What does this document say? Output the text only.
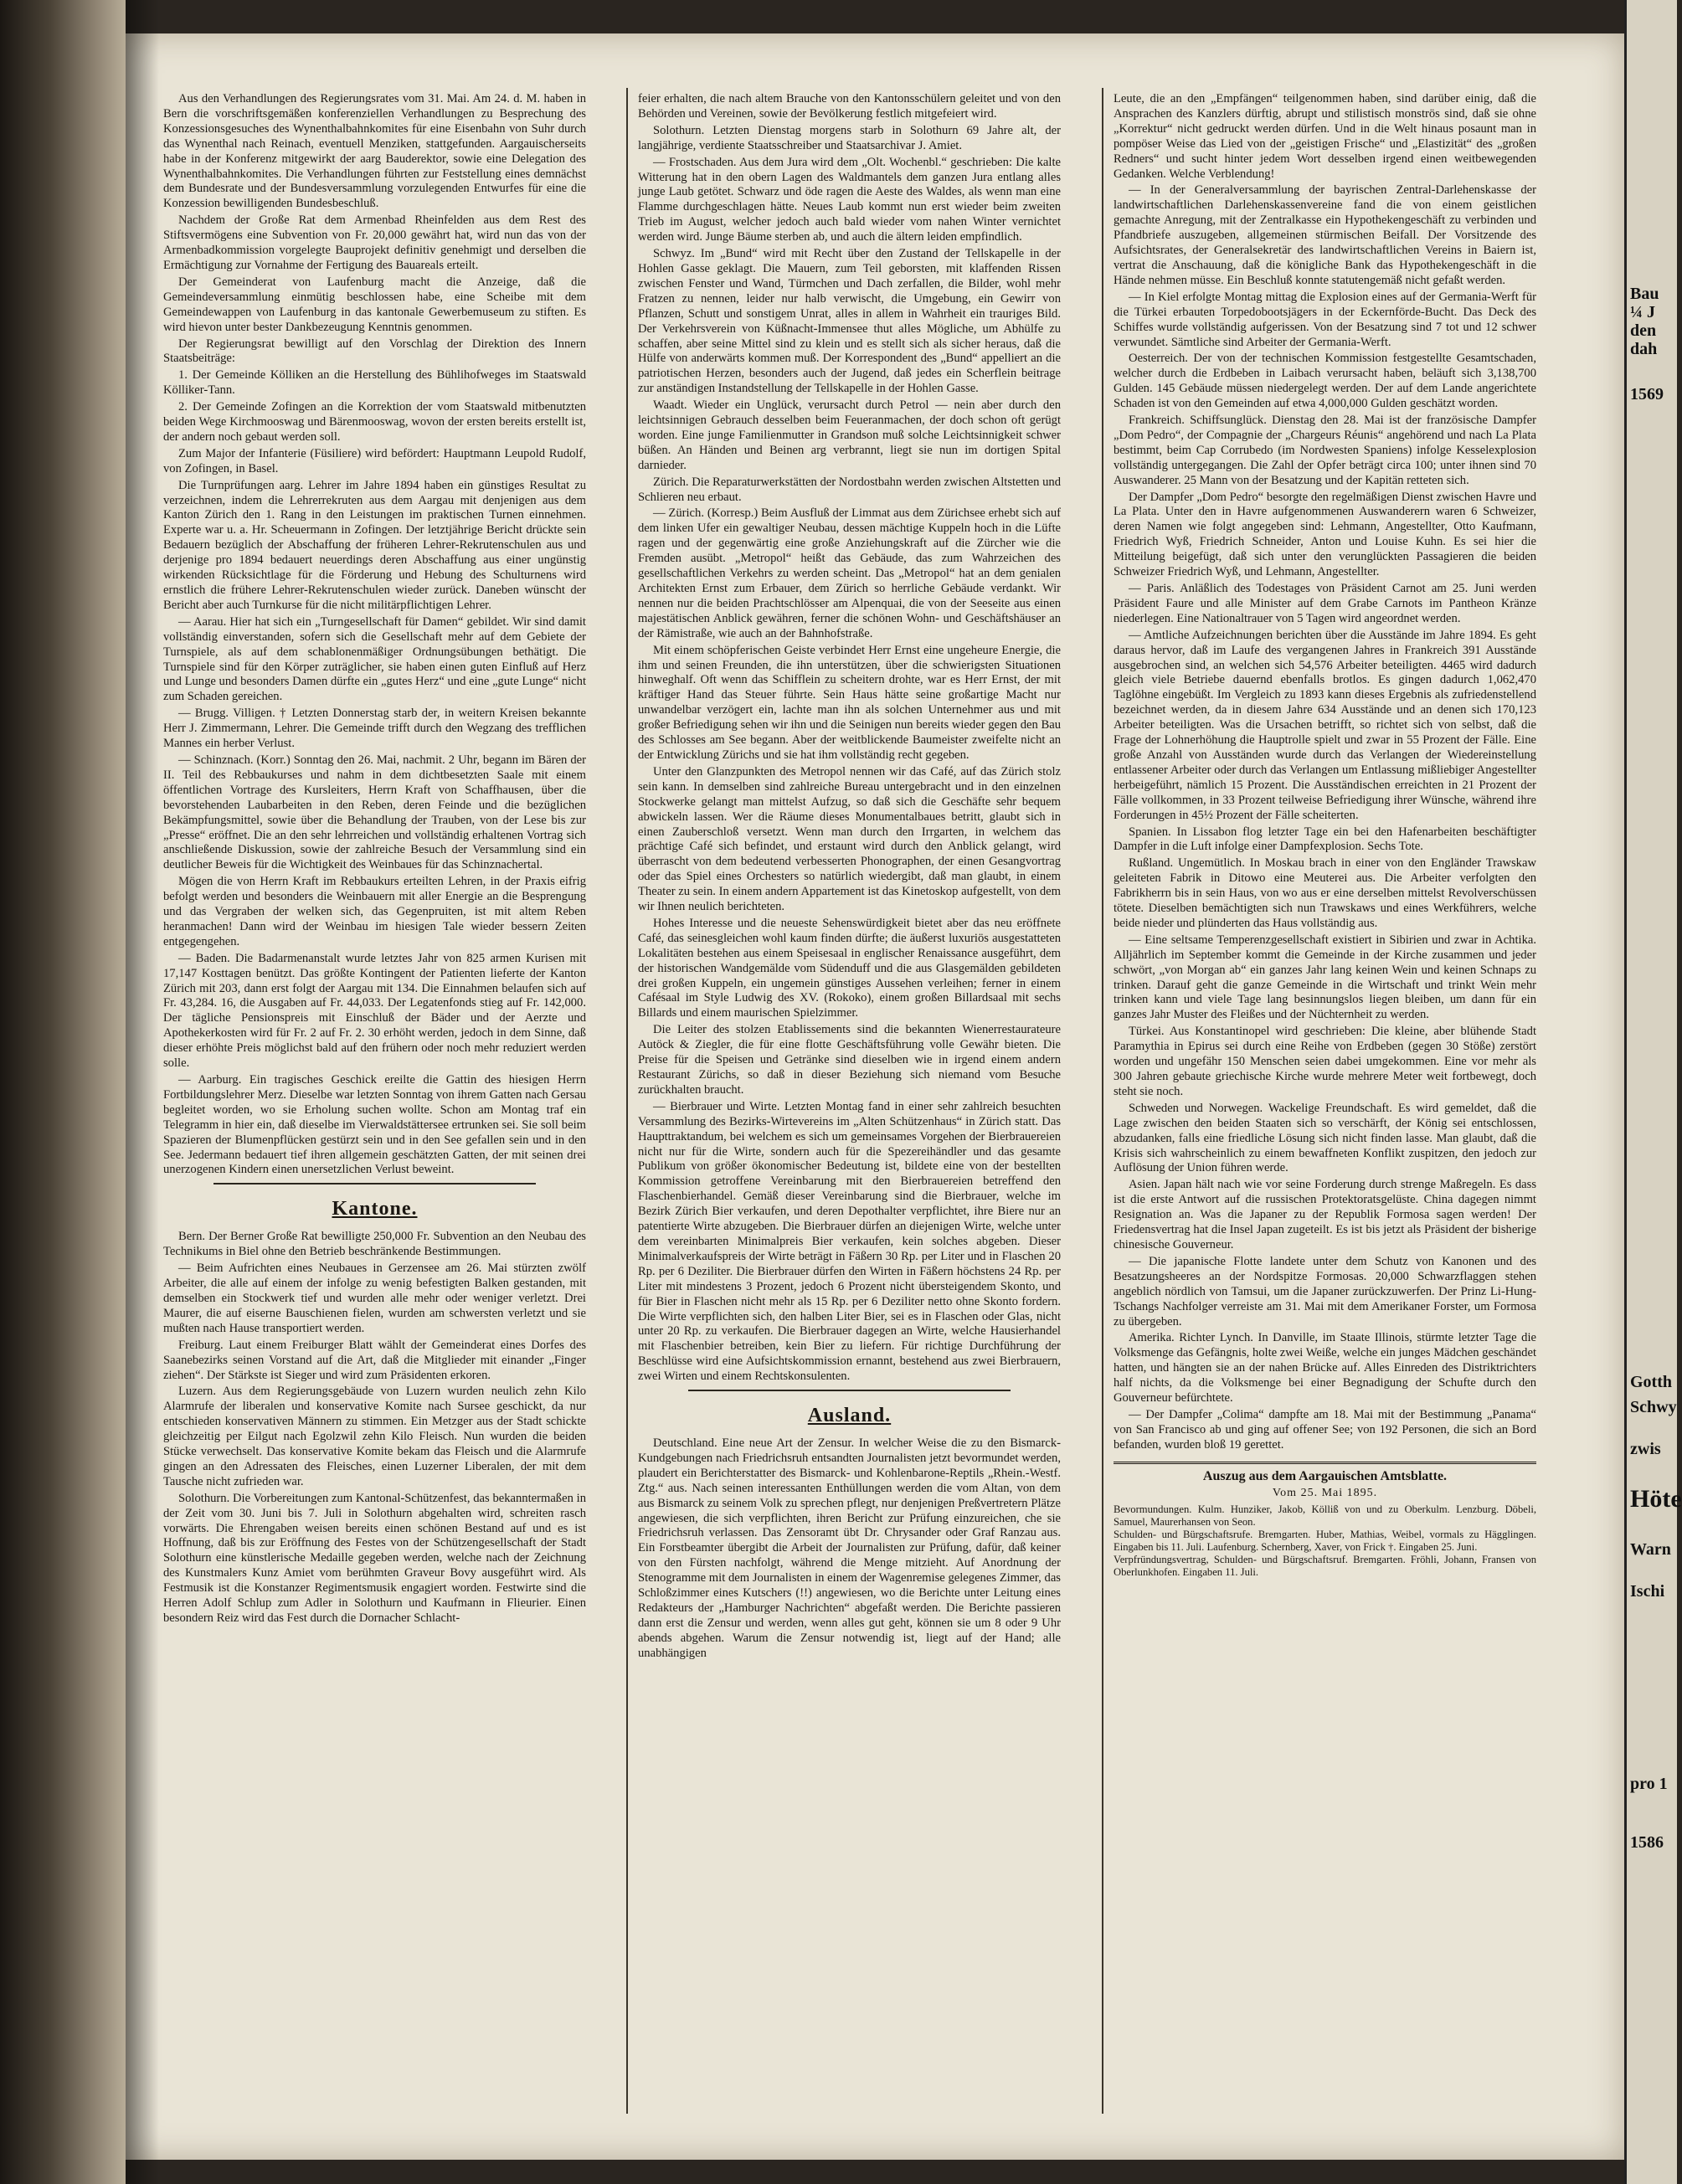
Aus den Verhandlungen des Regierungsrates vom 31. Mai. Am 24. d. M. haben in Bern die vorschriftsgemäßen konferenziellen Verhandlungen zu Besprechung des Konzessionsgesuches des Wynenthalbahnkomites für eine Eisenbahn von Suhr durch das Wynenthal nach Reinach, eventuell Menziken, stattgefunden. Aargauischerseits habe in der Konferenz mitgewirkt der aarg Bauderektor, sowie eine Delegation des Wynenthalbahnkomites. Die Verhandlungen führten zur Feststellung eines demnächst dem Bundesrate und der Bundesversammlung vorzulegenden Entwurfes für eine die Konzession bewilligenden Bundesbeschluß.

Nachdem der Große Rat dem Armenbad Rheinfelden aus dem Rest des Stiftsvermögens eine Subvention von Fr. 20,000 gewährt hat, wird nun das von der Armenbadkommission vorgelegte Bauprojekt definitiv genehmigt und derselben die Ermächtigung zur Vornahme der Fertigung des Bauareals erteilt.

Der Gemeinderat von Laufenburg macht die Anzeige, daß die Gemeindeversammlung einmütig beschlossen habe, eine Scheibe mit dem Gemeindewappen von Laufenburg in das kantonale Gewerbemuseum zu stiften. Es wird hievon unter bester Dankbezeugung Kenntnis genommen.

Der Regierungsrat bewilligt auf den Vorschlag der Direktion des Innern Staatsbeiträge:

1. Der Gemeinde Kölliken an die Herstellung des Bühlihofweges im Staatswald Kölliker-Tann.

2. Der Gemeinde Zofingen an die Korrektion der vom Staatswald mitbenutzten beiden Wege Kirchmooswag und Bärenmooswag, wovon der ersten bereits erstellt ist, der andern noch gebaut werden soll.

Zum Major der Infanterie (Füsiliere) wird befördert: Hauptmann Leupold Rudolf, von Zofingen, in Basel.

Die Turnprüfungen aarg. Lehrer im Jahre 1894 haben ein günstiges Resultat zu verzeichnen, indem die Lehrerrekruten aus dem Aargau mit denjenigen aus dem Kanton Zürich den 1. Rang in den Leistungen im praktischen Turnen einnehmen. Experte war u. a. Hr. Scheuermann in Zofingen. Der letztjährige Bericht drückte sein Bedauern bezüglich der Abschaffung der früheren Lehrer-Rekrutenschulen aus und derjenige pro 1894 bedauert neuerdings deren Abschaffung aus einer ungünstig wirkenden Rücksichtlage für die Förderung und Hebung des Schulturnens wird ernstlich die frühere Lehrer-Rekrutenschulen wieder zurück. Daneben wünscht der Bericht aber auch Turnkurse für die nicht militärpflichtigen Lehrer.

— Aarau. Hier hat sich ein „Turngesellschaft für Damen“ gebildet. Wir sind damit vollständig einverstanden, sofern sich die Gesellschaft mehr auf dem Gebiete der Turnspiele, als auf dem schablonenmäßiger Ordnungsübungen bethätigt. Die Turnspiele sind für den Körper zuträglicher, sie haben einen guten Einfluß auf Herz und Lunge und besonders Damen dürfte ein „gutes Herz“ und eine „gute Lunge“ nicht zum Schaden gereichen.

— Brugg. Villigen. † Letzten Donnerstag starb der, in weitern Kreisen bekannte Herr J. Zimmermann, Lehrer. Die Gemeinde trifft durch den Wegzang des trefflichen Mannes ein herber Verlust.

— Schinznach. (Korr.) Sonntag den 26. Mai, nachmit. 2 Uhr, begann im Bären der II. Teil des Rebbaukurses und nahm in dem dichtbesetzten Saale mit einem öffentlichen Vortrage des Kursleiters, Herrn Kraft von Schaffhausen, über die bevorstehenden Laubarbeiten in den Reben, deren Feinde und die bezüglichen Bekämpfungsmittel, sowie über die Behandlung der Trauben, von der Lese bis zur „Presse“ eröffnet. Die an den sehr lehrreichen und vollständig erhaltenen Vortrag sich anschließende Diskussion, sowie der zahlreiche Besuch der Versammlung sind ein deutlicher Beweis für die Wichtigkeit des Weinbaues für das Schinznachertal.

Mögen die von Herrn Kraft im Rebbaukurs erteilten Lehren, in der Praxis eifrig befolgt werden und besonders die Weinbauern mit aller Energie an die Besprengung und das Vergraben der welken sich, das Gegenpruiten, ist mit altem Reben heranmachen! Dann wird der Weinbau im hiesigen Tale wieder bessern Zeiten entgegengehen.

— Baden. Die Badarmenanstalt wurde letztes Jahr von 825 armen Kurisen mit 17,147 Kosttagen benützt. Das größte Kontingent der Patienten lieferte der Kanton Zürich mit 203, dann erst folgt der Aargau mit 134. Die Einnahmen belaufen sich auf Fr. 43,284. 16, die Ausgaben auf Fr. 44,033. Der Legatenfonds stieg auf Fr. 142,000. Der tägliche Pensionspreis mit Einschluß der Bäder und der Aerzte und Apothekerkosten wird für Fr. 2 auf Fr. 2. 30 erhöht werden, jedoch in dem Sinne, daß dieser erhöhte Preis möglichst bald auf den frühern oder noch mehr reduziert werden solle.

— Aarburg. Ein tragisches Geschick ereilte die Gattin des hiesigen Herrn Fortbildungslehrer Merz. Dieselbe war letzten Sonntag von ihrem Gatten nach Gersau begleitet worden, wo sie Erholung suchen wollte. Schon am Montag traf ein Telegramm in hier ein, daß dieselbe im Vierwaldstättersee ertrunken sei. Sie soll beim Spazieren der Blumenpflücken gestürzt sein und in den See gefallen sein und in den See. Jedermann bedauert tief ihren allgemein geschätzten Gatten, der mit seinen drei unerzogenen Kindern einen unersetzlichen Verlust beweint.

Kantone.

Bern. Der Berner Große Rat bewilligte 250,000 Fr. Subvention an den Neubau des Technikums in Biel ohne den Betrieb beschränkende Bestimmungen.

— Beim Aufrichten eines Neubaues in Gerzensee am 26. Mai stürzten zwölf Arbeiter, die alle auf einem der infolge zu wenig befestigten Balken gestanden, mit demselben ein Stockwerk tief und wurden alle mehr oder weniger verletzt. Drei Maurer, die auf eiserne Bauschienen fielen, wurden am schwersten verletzt und sie mußten nach Hause transportiert werden.

Freiburg. Laut einem Freiburger Blatt wählt der Gemeinderat eines Dorfes des Saanebezirks seinen Vorstand auf die Art, daß die Mitglieder mit einander „Finger ziehen“. Der Stärkste ist Sieger und wird zum Präsidenten erkoren.

Luzern. Aus dem Regierungsgebäude von Luzern wurden neulich zehn Kilo Alarmrufe der liberalen und konservative Komite nach Sursee geschickt, da nur entschieden konservativen Männern zu stimmen. Ein Metzger aus der Stadt schickte gleichzeitig per Eilgut nach Egolzwil zehn Kilo Fleisch. Nun wurden die beiden Stücke verwechselt. Das konservative Komite bekam das Fleisch und die Alarmrufe gingen an den Adressaten des Fleisches, einen Luzerner Liberalen, der mit dem Tausche nicht zufrieden war.

Solothurn. Die Vorbereitungen zum Kantonal-Schützenfest, das bekanntermaßen in der Zeit vom 30. Juni bis 7. Juli in Solothurn abgehalten wird, schreiten rasch vorwärts. Die Ehrengaben weisen bereits einen schönen Bestand auf und es ist Hoffnung, daß bis zur Eröffnung des Festes von der Schützengesellschaft der Stadt Solothurn eine künstlerische Medaille gegeben werden, welche nach der Zeichnung des Kunstmalers Kunz Amiet vom berühmten Graveur Bovy ausgeführt wird. Als Festmusik ist die Konstanzer Regimentsmusik engagiert worden. Festwirte sind die Herren Adolf Schlup zum Adler in Solothurn und Kaufmann in Flieurier. Einen besondern Reiz wird das Fest durch die Dornacher Schlacht-

feier erhalten, die nach altem Brauche von den Kantonsschülern geleitet und von den Behörden und Vereinen, sowie der Bevölkerung festlich mitgefeiert wird.

Solothurn. Letzten Dienstag morgens starb in Solothurn 69 Jahre alt, der langjährige, verdiente Staatsschreiber und Staatsarchivar J. Amiet.

— Frostschaden. Aus dem Jura wird dem „Olt. Wochenbl.“ geschrieben: Die kalte Witterung hat in den obern Lagen des Waldmantels dem ganzen Jura entlang alles junge Laub getötet. Schwarz und öde ragen die Aeste des Waldes, als wenn man eine Flamme durchgeschlagen hätte. Neues Laub kommt nun erst wieder beim zweiten Trieb im August, welcher jedoch auch bald wieder vom nahen Winter vernichtet werden wird. Junge Bäume sterben ab, und auch die ältern leiden empfindlich.

Schwyz. Im „Bund“ wird mit Recht über den Zustand der Tellskapelle in der Hohlen Gasse geklagt. Die Mauern, zum Teil geborsten, mit klaffenden Rissen zwischen Fenster und Wand, Türmchen und Dach zerfallen, die Bilder, wohl mehr Fratzen zu nennen, leider nur halb verwischt, die Umgebung, ein Gewirr von Pflanzen, Schutt und sonstigem Unrat, alles in allem in Wahrheit ein trauriges Bild. Der Verkehrsverein von Küßnacht-Immensee thut alles Mögliche, um Abhülfe zu schaffen, aber seine Mittel sind zu klein und es stellt sich als sicher heraus, daß die Hülfe von anderwärts kommen muß. Der Korrespondent des „Bund“ appelliert an die patriotischen Herzen, besonders auch der Jugend, daß jedes ein Scherflein beitrage zur anständigen Instandstellung der Tellskapelle in der Hohlen Gasse.

Waadt. Wieder ein Unglück, verursacht durch Petrol — nein aber durch den leichtsinnigen Gebrauch desselben beim Feueranmachen, der doch schon oft gerügt worden. Eine junge Familienmutter in Grandson muß solche Leichtsinnigkeit schwer büßen. An Händen und Beinen arg verbrannt, liegt sie nun im dortigen Spital darnieder.

Zürich. Die Reparaturwerkstätten der Nordostbahn werden zwischen Altstetten und Schlieren neu erbaut.

— Zürich. (Korresp.) Beim Ausfluß der Limmat aus dem Zürichsee erhebt sich auf dem linken Ufer ein gewaltiger Neubau, dessen mächtige Kuppeln hoch in die Lüfte ragen und der gegenwärtig eine große Anziehungskraft auf die Zürcher wie die Fremden ausübt. „Metropol“ heißt das Gebäude, das zum Wahrzeichen des gesellschaftlichen Verkehrs zu werden scheint. Das „Metropol“ hat an dem genialen Architekten Ernst zum Erbauer, dem Zürich so herrliche Gebäude verdankt. Wir nennen nur die beiden Prachtschlösser am Alpenquai, die von der Seeseite aus einen majestätischen Anblick gewähren, ferner die schönen Wohn- und Geschäftshäuser an der Rämistraße, wie auch an der Bahnhofstraße.

Mit einem schöpferischen Geiste verbindet Herr Ernst eine ungeheure Energie, die ihm und seinen Freunden, die ihn unterstützen, über die schwierigsten Situationen hinweghalf. Oft wenn das Schifflein zu scheitern drohte, war es Herr Ernst, der mit kräftiger Hand das Steuer führte. Sein Haus hätte seine großartige Macht nur unwandelbar verzögert ein, lachte man ihn als solchen Unternehmer aus und mit großer Befriedigung sehen wir ihn und die Seinigen nun bereits wieder gegen den Bau des Schlosses am See begann. Aber der weitblickende Baumeister zweifelte nicht an der Entwicklung Zürichs und sie hat ihm vollständig recht gegeben.

Unter den Glanzpunkten des Metropol nennen wir das Café, auf das Zürich stolz sein kann. In demselben sind zahlreiche Bureau untergebracht und in den einzelnen Stockwerke gelangt man mittelst Aufzug, so daß sich die Geschäfte sehr bequem abwickeln lassen. Wer die Räume dieses Monumentalbaues betritt, glaubt sich in einen Zauberschloß versetzt. Wenn man durch den Irrgarten, in welchem das prächtige Café sich befindet, und erstaunt wird durch den Anblick gelangt, wird überrascht von dem bedeutend verbesserten Phonographen, der einen Gesangvortrag oder das Spiel eines Orchesters so natürlich wiedergibt, daß man glaubt, in einem Theater zu sein. In einem andern Appartement ist das Kinetoskop aufgestellt, von dem wir Ihnen neulich berichteten.

Hohes Interesse und die neueste Sehenswürdigkeit bietet aber das neu eröffnete Café, das seinesgleichen wohl kaum finden dürfte; die äußerst luxuriös ausgestatteten Lokalitäten bestehen aus einem Speisesaal in englischer Renaissance ausgeführt, dem der historischen Wandgemälde vom Südenduff und die aus Glasgemälden gebildeten drei großen Kuppeln, ein ungemein günstiges Aussehen verleihen; ferner in einem Cafésaal im Style Ludwig des XV. (Rokoko), einem großen Billardsaal mit sechs Billards und einem maurischen Spielzimmer.

Die Leiter des stolzen Etablissements sind die bekannten Wienerrestaurateure Autöck & Ziegler, die für eine flotte Geschäftsführung volle Gewähr bieten. Die Preise für die Speisen und Getränke sind dieselben wie in irgend einem andern Restaurant Zürichs, so daß in dieser Beziehung sich niemand vom Besuche zurückhalten braucht.

— Bierbrauer und Wirte. Letzten Montag fand in einer sehr zahlreich besuchten Versammlung des Bezirks-Wirtevereins im „Alten Schützenhaus“ in Zürich statt. Das Haupttraktandum, bei welchem es sich um gemeinsames Vorgehen der Bierbrauereien nicht nur für die Wirte, sondern auch für die Spezereihändler und das gesamte Publikum von größer ökonomischer Bedeutung ist, bildete eine von der bestellten Kommission getroffene Vereinbarung mit den Bierbrauereien betreffend den Flaschenbierhandel. Gemäß dieser Vereinbarung sind die Bierbrauer, welche im Bezirk Zürich Bier verkaufen, und deren Depothalter verpflichtet, ihre Biere nur an patentierte Wirte abzugeben. Die Bierbrauer dürfen an diejenigen Wirte, welche unter dem vereinbarten Minimalpreis Bier verkaufen, kein solches abgeben. Dieser Minimalverkaufspreis der Wirte beträgt in Fäßern 30 Rp. per Liter und in Flaschen 20 Rp. per 6 Deziliter. Die Bierbrauer dürfen den Wirten in Fäßern höchstens 24 Rp. per Liter mit mindestens 3 Prozent, jedoch 6 Prozent nicht übersteigendem Skonto, und für Bier in Flaschen nicht mehr als 15 Rp. per 6 Deziliter netto ohne Skonto fordern. Die Wirte verpflichten sich, den halben Liter Bier, sei es in Flaschen oder Glas, nicht unter 20 Rp. zu verkaufen. Die Bierbrauer dagegen an Wirte, welche Hausierhandel mit Flaschenbier betreiben, kein Bier zu liefern. Für richtige Durchführung der Beschlüsse wird eine Aufsichtskommission ernannt, bestehend aus zwei Bierbrauern, zwei Wirten und einem Rechtskonsulenten.

Ausland.

Deutschland. Eine neue Art der Zensur. In welcher Weise die zu den Bismarck-Kundgebungen nach Friedrichsruh entsandten Journalisten jetzt bevormundet werden, plaudert ein Berichterstatter des Bismarck- und Kohlenbarone-Reptils „Rhein.-Westf. Ztg.“ aus. Nach seinen interessanten Enthüllungen werden die vom Altan, von dem aus Bismarck zu seinem Volk zu sprechen pflegt, nur denjenigen Preßvertretern Plätze angewiesen, die sich verpflichten, ihren Bericht zur Prüfung einzureichen, che sie Friedrichsruh verlassen. Das Zensoramt übt Dr. Chrysander oder Graf Ranzau aus. Ein Forstbeamter übergibt die Arbeit der Journalisten zur Prüfung, dafür, daß keiner von den Fürsten nachfolgt, während die Menge mitzieht. Auf Anordnung der Stenogramme mit dem Journalisten in einem der Wagenremise gelegenes Zimmer, das Schloßzimmer eines Kutschers (!!) angewiesen, wo die Berichte unter Leitung eines Redakteurs der „Hamburger Nachrichten“ abgefaßt werden. Die Berichte passieren dann erst die Zensur und werden, wenn alles gut geht, können sie um 8 oder 9 Uhr abends abgehen. Warum die Zensur notwendig ist, liegt auf der Hand; alle unabhängigen

Leute, die an den „Empfängen“ teilgenommen haben, sind darüber einig, daß die Ansprachen des Kanzlers dürftig, abrupt und stilistisch monströs sind, daß sie ohne „Korrektur“ nicht gedruckt werden dürfen. Und in die Welt hinaus posaunt man in pompöser Weise das Lied von der „geistigen Frische“ und „Elastizität“ des „großen Redners“ und sucht hinter jedem Wort desselben irgend einen weitbewegenden Gedanken. Welche Verblendung!

— In der Generalversammlung der bayrischen Zentral-Darlehenskasse der landwirtschaftlichen Darlehenskassenvereine fand die von einem geistlichen gemachte Anregung, mit der Zentralkasse ein Hypothekengeschäft zu verbinden und Pfandbriefe auszugeben, allgemeinen stürmischen Beifall. Der Vorsitzende des Aufsichtsrates, der Generalsekretär des landwirtschaftlichen Vereins in Baiern ist, vertrat die Anschauung, daß die königliche Bank das Hypothekengeschäft in die Hände nehmen müsse. Ein Beschluß konnte statutengemäß nicht gefaßt werden.

— In Kiel erfolgte Montag mittag die Explosion eines auf der Germania-Werft für die Türkei erbauten Torpedobootsjägers in der Eckernförde-Bucht. Das Deck des Schiffes wurde vollständig aufgerissen. Von der Besatzung sind 7 tot und 12 schwer verwundet. Sämtliche sind Arbeiter der Germania-Werft.

Oesterreich. Der von der technischen Kommission festgestellte Gesamtschaden, welcher durch die Erdbeben in Laibach verursacht haben, beläuft sich 3,138,700 Gulden. 145 Gebäude müssen niedergelegt werden. Der auf dem Lande angerichtete Schaden ist von den Gemeinden auf etwa 4,000,000 Gulden geschätzt worden.

Frankreich. Schiffsunglück. Dienstag den 28. Mai ist der französische Dampfer „Dom Pedro“, der Compagnie der „Chargeurs Réunis“ angehörend und nach La Plata bestimmt, beim Cap Corrubedo (im Nordwesten Spaniens) infolge Kesselexplosion vollständig untergegangen. Die Zahl der Opfer beträgt circa 100; unter ihnen sind 70 Auswanderer. 25 Mann von der Besatzung und der Kapitän retteten sich.

Der Dampfer „Dom Pedro“ besorgte den regelmäßigen Dienst zwischen Havre und La Plata. Unter den in Havre aufgenommenen Auswanderern waren 6 Schweizer, deren Namen wie folgt angegeben sind: Lehmann, Angestellter, Otto Kaufmann, Friedrich Wyß, Friedrich Schneider, Anton und Louise Kuhn. Es sei hier die Mitteilung beigefügt, daß sich unter den verunglückten Passagieren die beiden Schweizer Friedrich Wyß, und Lehmann, Angestellter.

— Paris. Anläßlich des Todestages von Präsident Carnot am 25. Juni werden Präsident Faure und alle Minister auf dem Grabe Carnots im Pantheon Kränze niederlegen. Eine Nationaltrauer von 5 Tagen wird angeordnet werden.

— Amtliche Aufzeichnungen berichten über die Ausstände im Jahre 1894. Es geht daraus hervor, daß im Laufe des vergangenen Jahres in Frankreich 391 Ausstände ausgebrochen sind, an welchen sich 54,576 Arbeiter beteiligten. 4465 wird dadurch gleich viele Betriebe dauernd ebenfalls brotlos. Es gingen dadurch 1,062,470 Taglöhne eingebüßt. Im Vergleich zu 1893 kann dieses Ergebnis als zufriedenstellend bezeichnet werden, da in diesem Jahre 634 Ausstände und an denen sich 170,123 Arbeiter beteiligten. Was die Ursachen betrifft, so richtet sich von selbst, daß die Frage der Lohnerhöhung die Hauptrolle spielt und zwar in 55 Prozent der Fälle. Eine große Anzahl von Ausständen wurde durch das Verlangen der Wiedereinstellung entlassener Arbeiter oder durch das Verlangen um Entlassung mißliebiger Angestellter herbeigeführt, nämlich 15 Prozent. Die Ausständischen erreichten in 21 Prozent der Fälle vollkommen, in 33 Prozent teilweise Befriedigung ihrer Wünsche, während ihre Forderungen in 45½ Prozent der Fälle scheiterten.

Spanien. In Lissabon flog letzter Tage ein bei den Hafenarbeiten beschäftigter Dampfer in die Luft infolge einer Dampfexplosion. Sechs Tote.

Rußland. Ungemütlich. In Moskau brach in einer von den Engländer Trawskaw geleiteten Fabrik in Ditowo eine Meuterei aus. Die Arbeiter verfolgten den Fabrikherrn bis in sein Haus, von wo aus er eine derselben mittelst Revolverschüssen tötete. Dieselben bemächtigten sich nun Trawskaws und eines Werkführers, welche beide nieder und plünderten das Haus vollständig aus.

— Eine seltsame Temperenzgesellschaft existiert in Sibirien und zwar in Achtika. Alljährlich im September kommt die Gemeinde in der Kirche zusammen und jeder schwört, „von Morgan ab“ ein ganzes Jahr lang keinen Wein und keinen Schnaps zu trinken. Darauf geht die ganze Gemeinde in die Wirtschaft und trinkt Wein mehr trinken kann und viele Tage lang besinnungslos liegen bleiben, um dann für ein ganzes Jahr Muster des Fleißes und der Nüchternheit zu werden.

Türkei. Aus Konstantinopel wird geschrieben: Die kleine, aber blühende Stadt Paramythia in Epirus sei durch eine Reihe von Erdbeben (gegen 30 Stöße) zerstört worden und ungefähr 150 Menschen seien dabei umgekommen. Eine vor mehr als 300 Jahren gebaute griechische Kirche wurde mehrere Meter weit fortbewegt, doch steht sie noch.

Schweden und Norwegen. Wackelige Freundschaft. Es wird gemeldet, daß die Lage zwischen den beiden Staaten sich so verschärft, der König sei entschlossen, abzudanken, falls eine friedliche Lösung sich nicht finden lasse. Man glaubt, daß die Krisis sich wahrscheinlich zu einem bewaffneten Konflikt zuspitzen, den jedoch zur Auflösung der Union führen werde.

Asien. Japan hält nach wie vor seine Forderung durch strenge Maßregeln. Es dass ist die erste Antwort auf die russischen Protektoratsgelüste. China dagegen nimmt Resignation an. Was die Japaner zu der Republik Formosa sagen werden! Der Friedensvertrag hat die Insel Japan zugeteilt. Es ist bis jetzt als Präsident der bisherige chinesische Gouverneur.

— Die japanische Flotte landete unter dem Schutz von Kanonen und des Besatzungsheeres an der Nordspitze Formosas. 20,000 Schwarzflaggen stehen angeblich nördlich von Tamsui, um die Japaner zurückzuwerfen. Der Prinz Li-Hung-Tschangs Nachfolger verreiste am 31. Mai mit dem Amerikaner Forster, um Formosa zu übergeben.

Amerika. Richter Lynch. In Danville, im Staate Illinois, stürmte letzter Tage die Volksmenge das Gefängnis, holte zwei Weiße, welche ein junges Mädchen geschändet hatten, und hängten sie an der nahen Brücke auf. Alles Einreden des Distriktrichters half nichts, da die Volksmenge bei einer Begnadigung der Schufte durch den Gouverneur befürchtete.

— Der Dampfer „Colima“ dampfte am 18. Mai mit der Bestimmung „Panama“ von San Francisco ab und ging auf offener See; von 192 Personen, die sich an Bord befanden, wurden bloß 19 gerettet.

Auszug aus dem Aargauischen Amtsblatte.
Vom 25. Mai 1895.

Bevormundungen. Kulm. Hunziker, Jakob, Kölliß von und zu Oberkulm. Lenzburg. Döbeli, Samuel, Maurerhansen von Seon.

Schulden- und Bürgschaftsrufe. Bremgarten. Huber, Mathias, Weibel, vormals zu Hägglingen. Eingaben bis 11. Juli. Laufenburg. Schernberg, Xaver, von Frick †. Eingaben 25. Juni.

Verpfründungsvertrag, Schulden- und Bürgschaftsruf. Bremgarten. Fröhli, Johann, Fransen von Oberlunkhofen. Eingaben 11. Juli.

Bau
¼ J
den
dah
1569
Gotth
Schwy
zwis
Höte
Warn
Ischi
pro 1
1586
